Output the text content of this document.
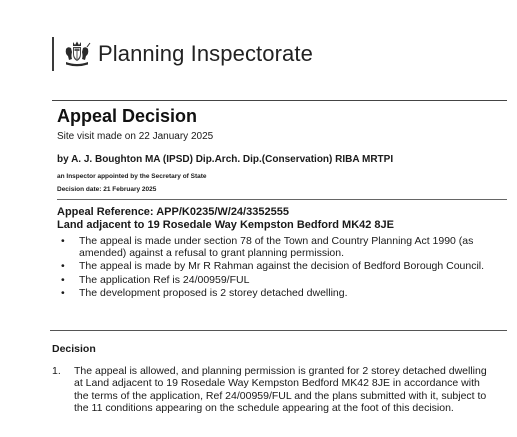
Planning Inspectorate
Appeal Decision
Site visit made on 22 January 2025
by A. J. Boughton MA (IPSD) Dip.Arch. Dip.(Conservation) RIBA MRTPI
an Inspector appointed by the Secretary of State
Decision date: 21 February 2025
Appeal Reference: APP/K0235/W/24/3352555
Land adjacent to 19 Rosedale Way Kempston Bedford MK42 8JE
• The appeal is made under section 78 of the Town and Country Planning Act 1990 (as amended) against a refusal to grant planning permission.
• The appeal is made by Mr R Rahman against the decision of Bedford Borough Council.
• The application Ref is 24/00959/FUL
• The development proposed is 2 storey detached dwelling.
Decision
1.	The appeal is allowed, and planning permission is granted for 2 storey detached dwelling at Land adjacent to 19 Rosedale Way Kempston Bedford MK42 8JE in accordance with the terms of the application, Ref 24/00959/FUL and the plans submitted with it, subject to the 11 conditions appearing on the schedule appearing at the foot of this decision.
